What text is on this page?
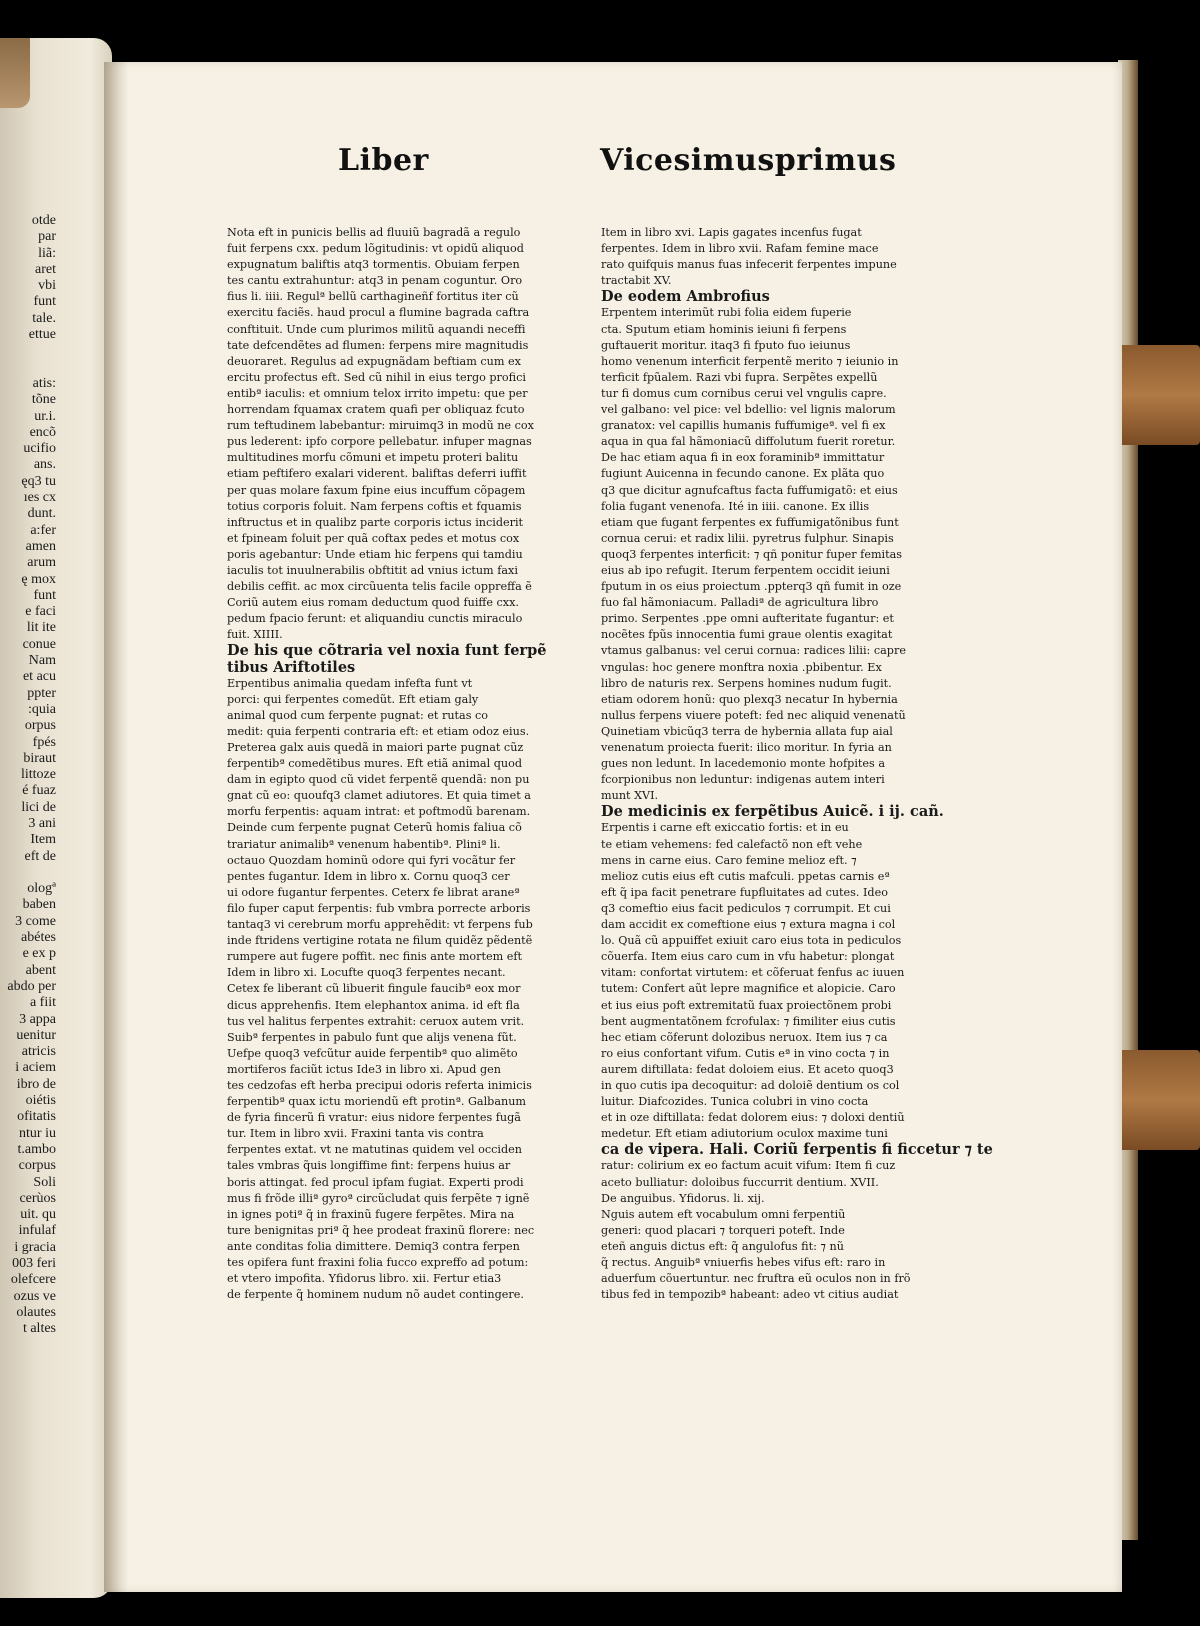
otde
par
liã:
aret
vbi
funt
tale.
ettue
atis:
tõne
ur.i.
encõ
ucifio
ans.
ęq3 tu
ıes cx
dunt.
a:fer
amen
arum
ę mox
funt
e faci
lit ite
conue
Nam
et acu
ppter
:quia
orpus
fpés
biraut
littoze
é fuaz
lici de
3 ani
Item
eft de
ologª
baben
3 come
abétes
e ex p
abent
abdo per
a fiit
3 appa
uenitur
atricis
i aciem
ibro de
oiétis
ofitatis
ntur iu
t.ambo
corpus
Soli
cerùos
uit. qu
infulaf
i gracia
003 feri
olefcere
ozus ve
olautes
t altes
Liber	Vicesimusprimus
Nota eft in punicis bellis ad fluuiũ bagradã a regulo
fuit ferpens cxx. pedum lõgitudinis: vt opidũ aliquod
expugnatum baliftis atq3 tormentis. Obuiam ferpen
tes cantu extrahuntur: atq3 in penam coguntur. Oro
fius li. iiii. Regulª bellũ carthagineñf fortitus iter cũ
exercitu faciẽs. haud procul a flumine bagrada caftra
conftituit. Unde cum plurimos militũ aquandi neceffi
tate defcendẽtes ad flumen: ferpens mire magnitudis
deuoraret. Regulus ad expugnãdam beftiam cum ex
ercitu profectus eft. Sed cũ nihil in eius tergo profici
entibª iaculis: et omnium telox irrito impetu: que per
horrendam fquamax cratem quafi per obliquaz fcuto
rum teftudinem labebantur: miruimq3 in modũ ne cox
pus lederent: ipfo corpore pellebatur. infuper magnas
multitudines morfu cõmuni et impetu proteri balitu
etiam peftifero exalari viderent. baliftas deferri iuffit
per quas molare faxum fpine eius incuffum cõpagem
totius corporis foluit. Nam ferpens coftis et fquamis
inftructus et in qualibz parte corporis ictus inciderit
et fpineam foluit per quã coftax pedes et motus cox
poris agebantur: Unde etiam hic ferpens qui tamdiu
iaculis tot inuulnerabilis obftitit ad vnius ictum faxi
debilis ceffit. ac mox circũuenta telis facile oppreffa ẽ
Coriũ autem eius romam deductum quod fuiffe cxx.
pedum fpacio ferunt: et aliquandiu cunctis miraculo
fuit. XIIII.
De his que cõtraria vel noxia funt ferpẽ
tibus Ariftotiles
Erpentibus animalia quedam infefta funt vt
porci: qui ferpentes comedũt. Eft etiam galy
animal quod cum ferpente pugnat: et rutas co
medit: quia ferpenti contraria eft: et etiam odoz eius.
Preterea galx auis quedã in maiori parte pugnat cũz
ferpentibª comedẽtibus mures. Eft etiã animal quod
dam in egipto quod cũ videt ferpentẽ quendã: non pu
gnat cũ eo: quoufq3 clamet adiutores. Et quia timet a
morfu ferpentis: aquam intrat: et poftmodũ barenam.
Deinde cum ferpente pugnat Ceterũ homis faliua cõ
trariatur animalibª venenum habentibª. Pliniª li.
octauo Quozdam hominũ odore qui fyri vocãtur fer
pentes fugantur. Idem in libro x. Cornu quoq3 cer
ui odore fugantur ferpentes. Ceterx fe librat araneª
filo fuper caput ferpentis: fub vmbra porrecte arboris
tantaq3 vi cerebrum morfu apprehẽdit: vt ferpens fub
inde ftridens vertigine rotata ne filum quidẽz pẽdentẽ
rumpere aut fugere poffit. nec finis ante mortem eft
Idem in libro xi. Locufte quoq3 ferpentes necant.
Cetex fe liberant cũ libuerit fingule faucibª eox mor
dicus apprehenfis. Item elephantox anima. id eft fla
tus vel halitus ferpentes extrahit: ceruox autem vrit.
Suibª ferpentes in pabulo funt que alijs venena fũt.
Uefpe quoq3 vefcũtur auide ferpentibª quo alimẽto
mortiferos faciũt ictus Ide3 in libro xi. Apud gen
tes cedzofas eft herba precipui odoris referta inimicis
ferpentibª quax ictu moriendũ eft protinª. Galbanum
de fyria fincerũ fi vratur: eius nidore ferpentes fugã
tur. Item in libro xvii. Fraxini tanta vis contra
ferpentes extat. vt ne matutinas quidem vel occiden
tales vmbras q̃uis longiffime fint: ferpens huius ar
boris attingat. fed procul ipfam fugiat. Experti prodi
mus fi frõde illiª gyroª circũcludat quis ferpẽte ⁊ ignẽ
in ignes potiª q̃ in fraxinũ fugere ferpẽtes. Mira na
ture benignitas priª q̃ hee prodeat fraxinũ florere: nec
ante conditas folia dimittere. Demiq3 contra ferpen
tes opifera funt fraxini folia fucco expreffo ad potum:
et vtero impofita. Yfidorus libro. xii. Fertur etia3
de ferpente q̃ hominem nudum nõ audet contingere.
Item in libro xvi. Lapis gagates incenfus fugat
ferpentes. Idem in libro xvii. Rafam femine mace
rato quifquis manus fuas infecerit ferpentes impune
tractabit XV.
De eodem Ambrofius
Erpentem interimũt rubi folia eidem fuperie
cta. Sputum etiam hominis ieiuni fi ferpens
guftauerit moritur. itaq3 fi fputo fuo ieiunus
homo venenum interficit ferpentẽ merito ⁊ ieiunio in
terficit fpũalem. Razi vbi fupra. Serpẽtes expellũ
tur fi domus cum cornibus cerui vel vngulis capre.
vel galbano: vel pice: vel bdellio: vel lignis malorum
granatox: vel capillis humanis fuffumigeª. vel fi ex
aqua in qua fal hãmoniacũ diffolutum fuerit roretur.
De hac etiam aqua fi in eox foraminibª immittatur
fugiunt Auicenna in fecundo canone. Ex plãta quo
q3 que dicitur agnufcaftus facta fuffumigatõ: et eius
folia fugant venenofa. Ité in iiii. canone. Ex illis
etiam que fugant ferpentes ex fuffumigatõnibus funt
cornua cerui: et radix lilii. pyretrus fulphur. Sinapis
quoq3 ferpentes interficit: ⁊ qñ ponitur fuper femitas
eius ab ipo refugit. Iterum ferpentem occidit ieiuni
fputum in os eius proiectum .ppterq3 qñ fumit in oze
fuo fal hãmoniacum. Palladiª de agricultura libro
primo. Serpentes .ppe omni aufteritate fugantur: et
nocẽtes fpũs innocentia fumi graue olentis exagitat
vtamus galbanus: vel cerui cornua: radices lilii: capre
vngulas: hoc genere monftra noxia .pbibentur. Ex
libro de naturis rex. Serpens homines nudum fugit.
etiam odorem honũ: quo plexq3 necatur In hybernia
nullus ferpens viuere poteft: fed nec aliquid venenatũ
Quinetiam vbicũq3 terra de hybernia allata fup aial
venenatum proiecta fuerit: ilico moritur. In fyria an
gues non ledunt. In lacedemonio monte hofpites a
fcorpionibus non leduntur: indigenas autem interi
munt XVI.
De medicinis ex ferpẽtibus Auicẽ. i ij. cañ.
Erpentis i carne eft exiccatio fortis: et in eu
te etiam vehemens: fed calefactõ non eft vehe
mens in carne eius. Caro femine melioz eft. ⁊
melioz cutis eius eft cutis mafculi. ppetas carnis eª
eft q̃ ipa facit penetrare fupfluitates ad cutes. Ideo
q3 comeftio eius facit pediculos ⁊ corrumpit. Et cui
dam accidit ex comeftione eius ⁊ extura magna i col
lo. Quã cũ appuiffet exiuit caro eius tota in pediculos
cõuerfa. Item eius caro cum in vfu habetur: plongat
vitam: confortat virtutem: et cõferuat fenfus ac iuuen
tutem: Confert aũt lepre magnifice et alopicie. Caro
et ius eius poft extremitatũ fuax proiectõnem probi
bent augmentatõnem fcrofulax: ⁊ fimiliter eius cutis
hec etiam cõferunt dolozibus neruox. Item ius ⁊ ca
ro eius confortant vifum. Cutis eª in vino cocta ⁊ in
aurem diftillata: fedat doloiem eius. Et aceto quoq3
in quo cutis ipa decoquitur: ad doloiẽ dentium os col
luitur. Diafcozides. Tunica colubri in vino cocta
et in oze diftillata: fedat dolorem eius: ⁊ doloxi dentiũ
medetur. Eft etiam adiutorium oculox maxime tuni
ca de vipera. Hali. Coriũ ferpentis fi ficcetur ⁊ te
ratur: colirium ex eo factum acuit vifum: Item fi cuz
aceto bulliatur: doloibus fuccurrit dentium. XVII.
De anguibus. Yfidorus. li. xij.
Nguis autem eft vocabulum omni ferpentiũ
generi: quod placari ⁊ torqueri poteft. Inde
eteñ anguis dictus eft: q̃ angulofus fit: ⁊ nũ
q̃ rectus. Anguibª vniuerfis hebes vifus eft: raro in
aduerfum cõuertuntur. nec fruftra eũ oculos non in frõ
tibus fed in tempozibª habeant: adeo vt citius audiat
